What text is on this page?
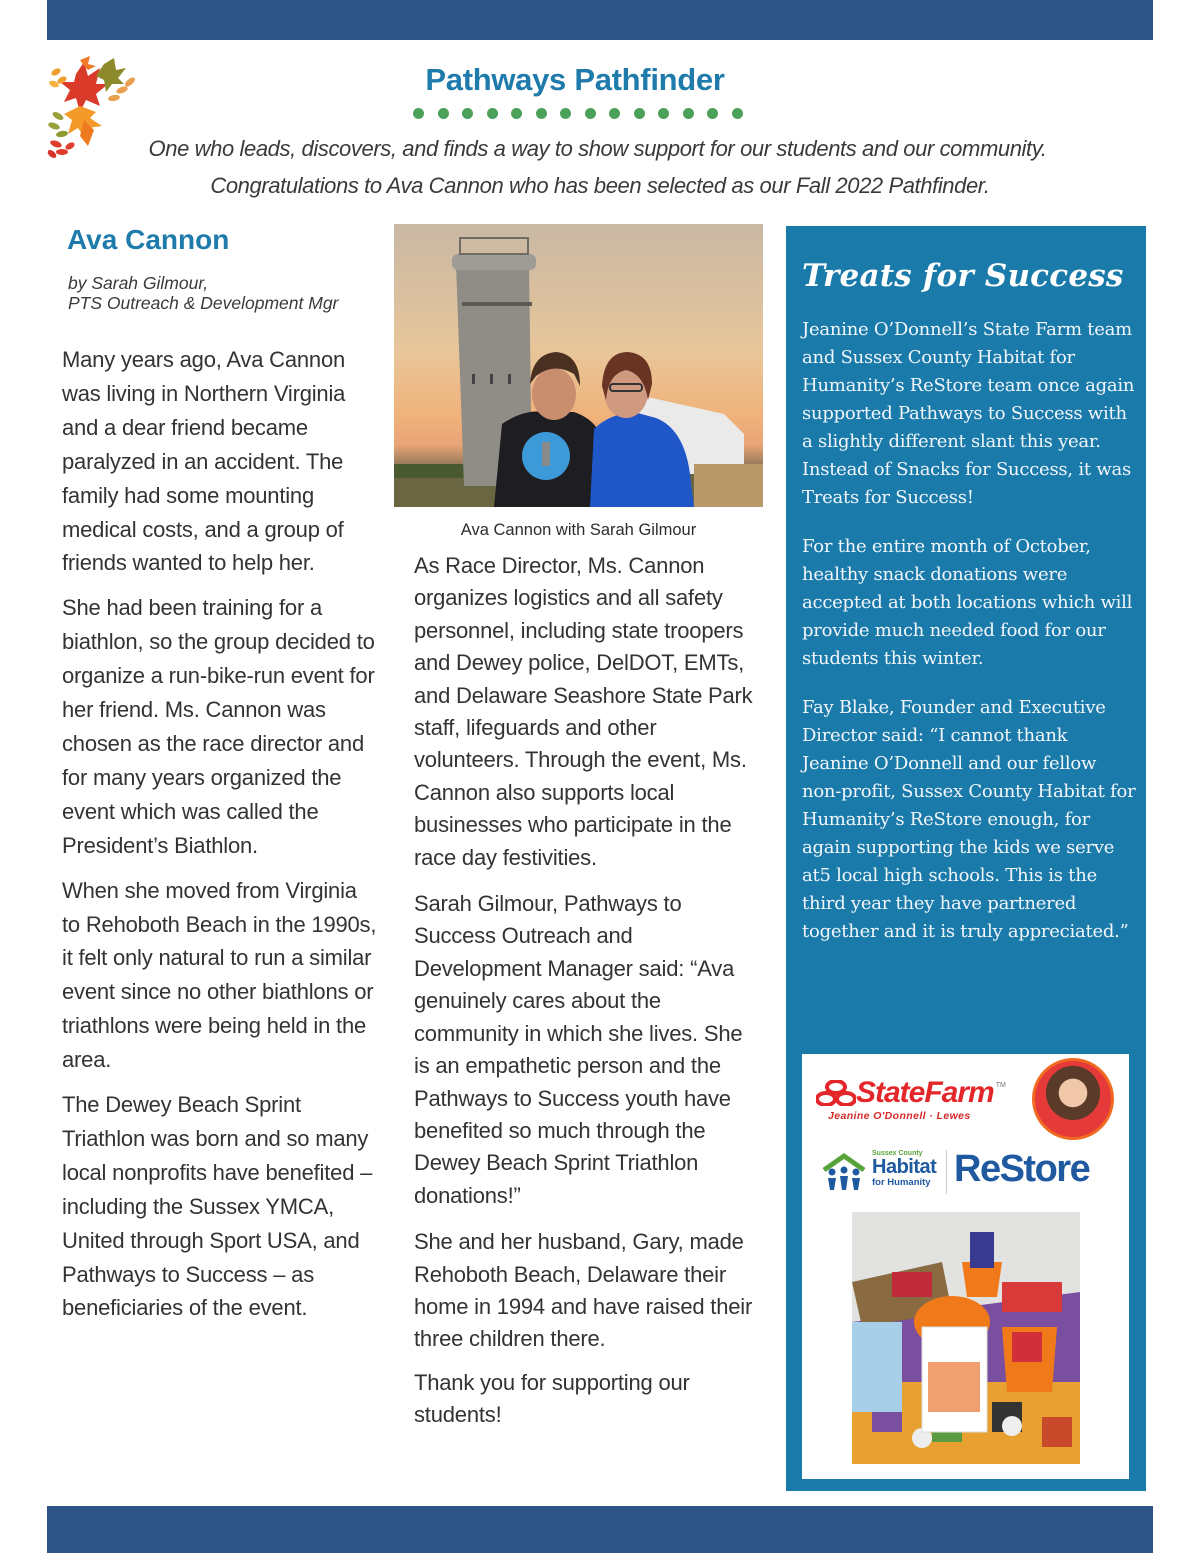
Pathways Pathfinder
One who leads, discovers, and finds a way to show support for our students and our community.
Congratulations to Ava Cannon who has been selected as our Fall 2022 Pathfinder.
Ava Cannon
by Sarah Gilmour,
PTS Outreach & Development Mgr

Many years ago, Ava Cannon was living in Northern Virginia and a dear friend became paralyzed in an accident. The family had some mounting medical costs, and a group of friends wanted to help her.

She had been training for a biathlon, so the group decided to organize a run-bike-run event for her friend. Ms. Cannon was chosen as the race director and for many years organized the event which was called the President’s Biathlon.

When she moved from Virginia to Rehoboth Beach in the 1990s, it felt only natural to run a similar event since no other biathlons or triathlons were being held in the area.

The Dewey Beach Sprint Triathlon was born and so many local nonprofits have benefited – including the Sussex YMCA, United through Sport USA, and Pathways to Success – as beneficiaries of the event.

Ava Cannon with Sarah Gilmour

As Race Director, Ms. Cannon organizes logistics and all safety personnel, including state troopers and Dewey police, DelDOT, EMTs, and Delaware Seashore State Park staff, lifeguards and other volunteers. Through the event, Ms. Cannon also supports local businesses who participate in the race day festivities.

Sarah Gilmour, Pathways to Success Outreach and Development Manager said: “Ava genuinely cares about the community in which she lives. She is an empathetic person and the Pathways to Success youth have benefited so much through the Dewey Beach Sprint Triathlon donations!”

She and her husband, Gary, made Rehoboth Beach, Delaware their home in 1994 and have raised their three children there.

Thank you for supporting our students!

Treats for Success

Jeanine O’Donnell’s State Farm team and Sussex County Habitat for Humanity’s ReStore team once again supported Pathways to Success with a slightly different slant this year. Instead of Snacks for Success, it was Treats for Success!

For the entire month of October, healthy snack donations were accepted at both locations which will provide much needed food for our students this winter.

Fay Blake, Founder and Executive Director said: “I cannot thank Jeanine O’Donnell and our fellow non-profit, Sussex County Habitat for Humanity’s ReStore enough, for again supporting the kids we serve at5 local high schools. This is the third year they have partnered together and it is truly appreciated.”

StateFarm TM
Jeanine O'Donnell · Lewes
Sussex County
Habitat
for Humanity ReStore
